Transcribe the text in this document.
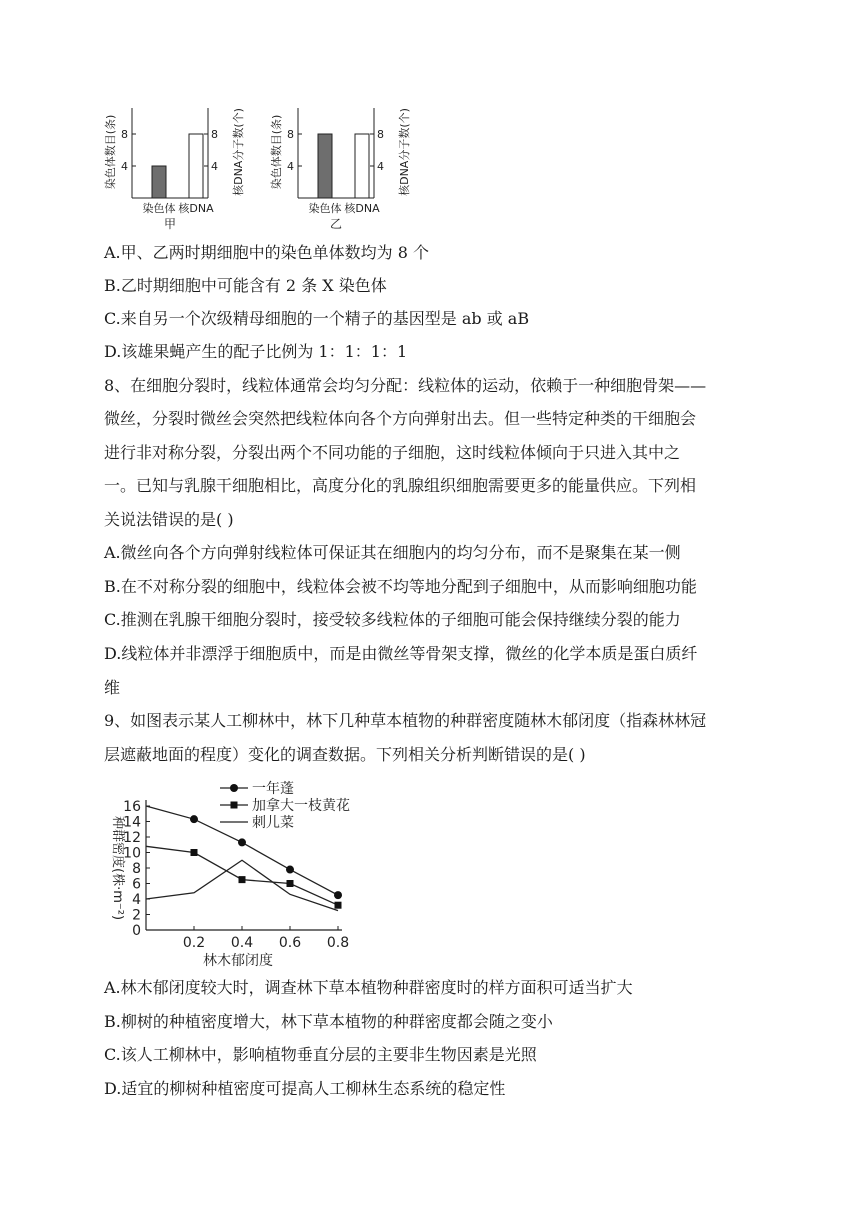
染色体数目(条)	核DNA分子数(个)
4	4
8	8
染色体 核DNA
甲
染色体数目(条)	核DNA分子数(个)
4	4
8	8
染色体 核DNA
乙
A.甲、乙两时期细胞中的染色单体数均为 8 个
B.乙时期细胞中可能含有 2 条 X 染色体
C.来自另一个次级精母细胞的一个精子的基因型是 ab 或 aB
D.该雄果蝇产生的配子比例为 1：1：1：1
8、在细胞分裂时，线粒体通常会均匀分配：线粒体的运动，依赖于一种细胞骨架——
微丝，分裂时微丝会突然把线粒体向各个方向弹射出去。但一些特定种类的干细胞会
进行非对称分裂，分裂出两个不同功能的子细胞，这时线粒体倾向于只进入其中之
一。已知与乳腺干细胞相比，高度分化的乳腺组织细胞需要更多的能量供应。下列相
关说法错误的是( )
A.微丝向各个方向弹射线粒体可保证其在细胞内的均匀分布，而不是聚集在某一侧
B.在不对称分裂的细胞中，线粒体会被不均等地分配到子细胞中，从而影响细胞功能
C.推测在乳腺干细胞分裂时，接受较多线粒体的子细胞可能会保持继续分裂的能力
D.线粒体并非漂浮于细胞质中，而是由微丝等骨架支撑，微丝的化学本质是蛋白质纤
维
9、如图表示某人工柳林中，林下几种草本植物的种群密度随林木郁闭度（指森林林冠
层遮蔽地面的程度）变化的调查数据。下列相关分析判断错误的是( )
0
2
4
6
8
10
12
14
16
0.2 0.4 0.6 0.8
林木郁闭度
种群密度(株·m⁻²)
一年蓬
加拿大一枝黄花
刺儿菜
A.林木郁闭度较大时，调查林下草本植物种群密度时的样方面积可适当扩大
B.柳树的种植密度增大，林下草本植物的种群密度都会随之变小
C.该人工柳林中，影响植物垂直分层的主要非生物因素是光照
D.适宜的柳树种植密度可提高人工柳林生态系统的稳定性
